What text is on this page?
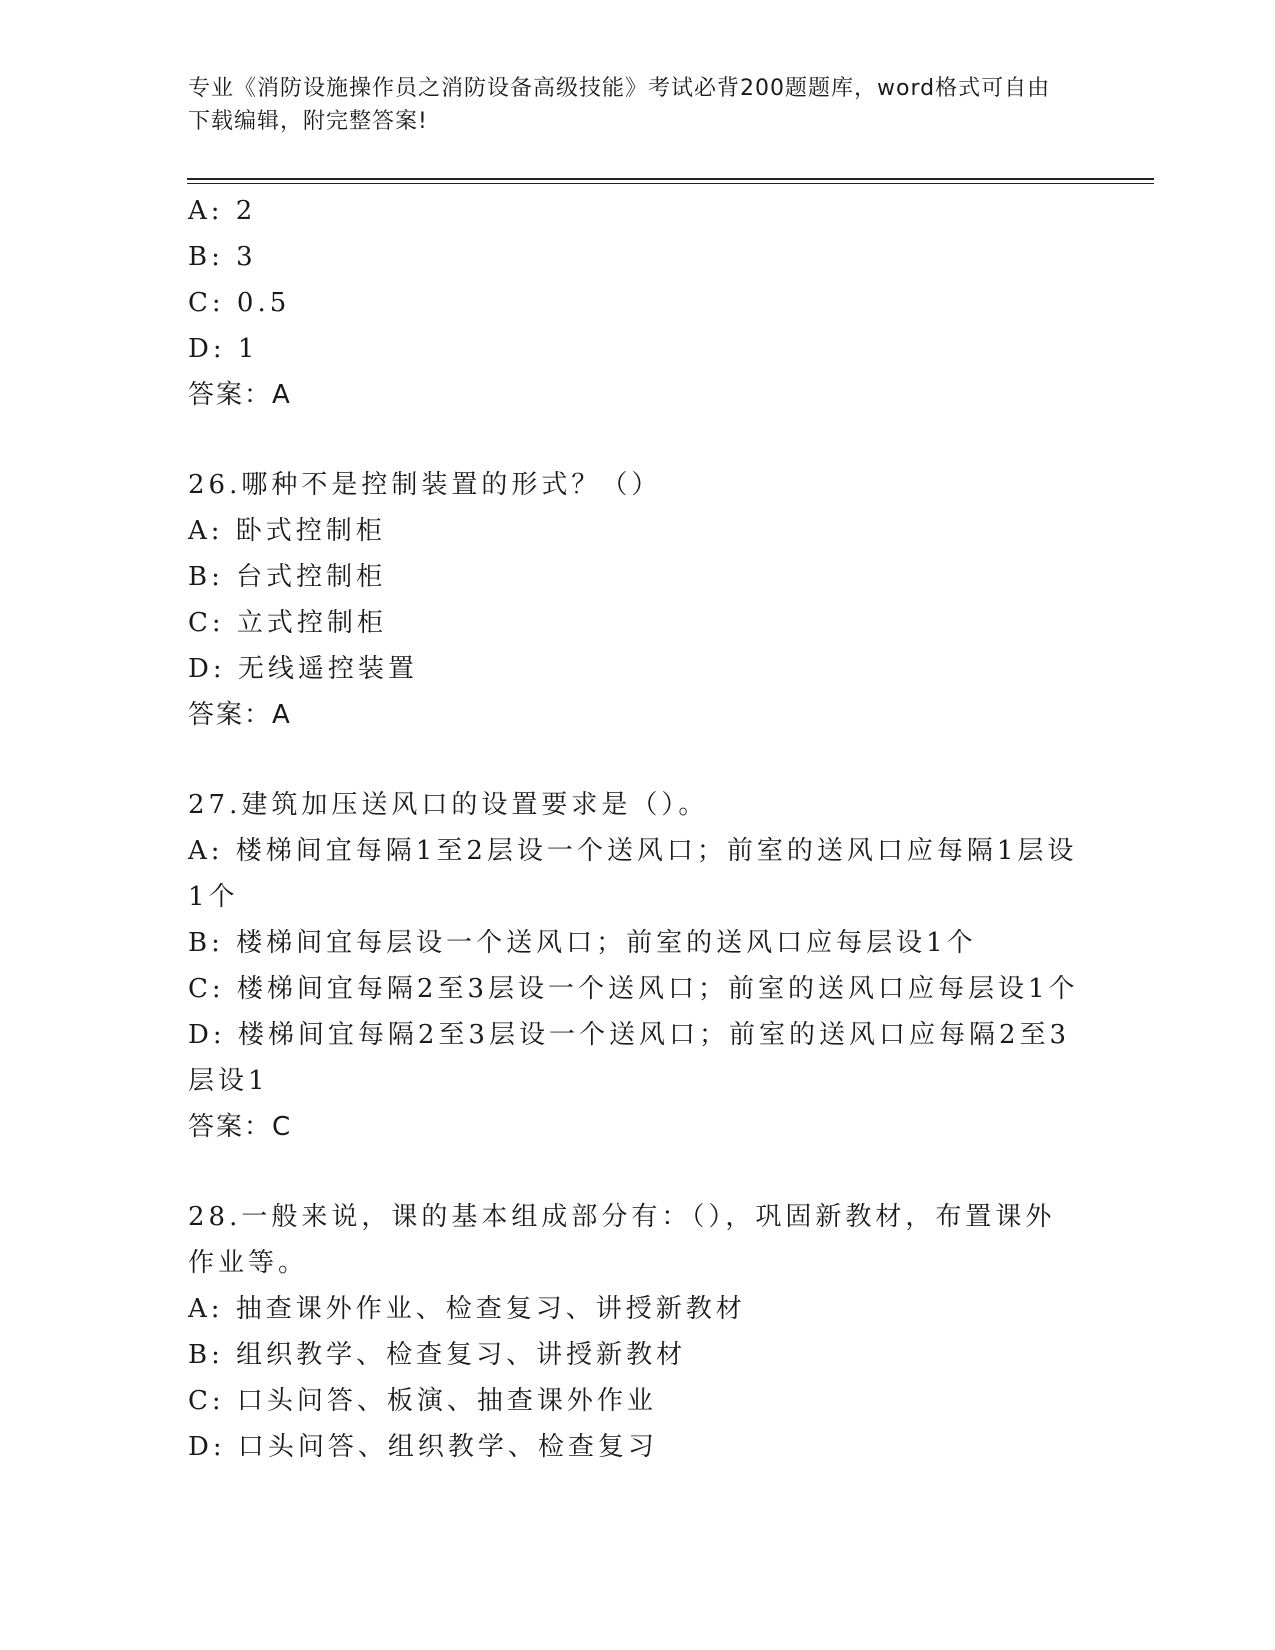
专业《消防设施操作员之消防设备高级技能》考试必背200题题库，word格式可自由下载编辑，附完整答案!
A: 2
B: 3
C: 0.5
D: 1
答案：A
26.哪种不是控制装置的形式？（）
A: 卧式控制柜
B: 台式控制柜
C: 立式控制柜
D: 无线遥控装置
答案：A
27.建筑加压送风口的设置要求是（）。
A: 楼梯间宜每隔1至2层设一个送风口；前室的送风口应每隔1层设1个
B: 楼梯间宜每层设一个送风口；前室的送风口应每层设1个
C: 楼梯间宜每隔2至3层设一个送风口；前室的送风口应每层设1个
D: 楼梯间宜每隔2至3层设一个送风口；前室的送风口应每隔2至3层设1
答案：C
28.一般来说，课的基本组成部分有：（），巩固新教材，布置课外作业等。
A: 抽查课外作业、检查复习、讲授新教材
B: 组织教学、检查复习、讲授新教材
C: 口头问答、板演、抽查课外作业
D: 口头问答、组织教学、检查复习
